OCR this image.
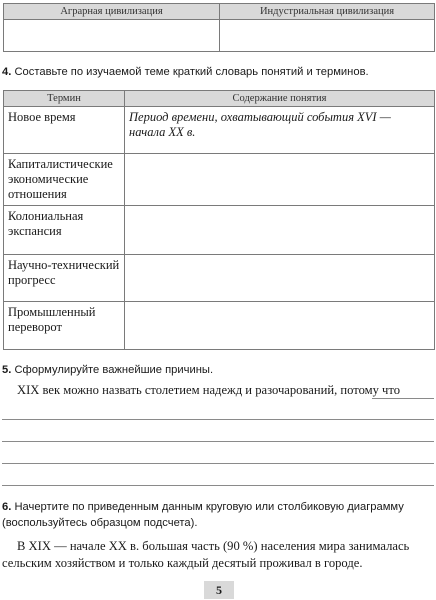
Аграрная цивилизация	Индустриальная цивилизация

4. Составьте по изучаемой теме краткий словарь понятий и терминов.
Термин	Содержание понятия
Новое время	Период времени, охватывающий события XVI — начала XX в.
Капиталистические экономические отношения	
Колониальная экспансия	
Научно-технический прогресс	
Промышленный переворот	
5. Сформулируйте важнейшие причины.
XIX век можно назвать столетием надежд и разочарований, потому что
6. Начертите по приведенным данным круговую или столбиковую диаграмму (воспользуйтесь образцом подсчета).
В XIX — начале XX в. большая часть (90 %) населения мира занималась сельским хозяйством и только каждый десятый проживал в городе.
5
